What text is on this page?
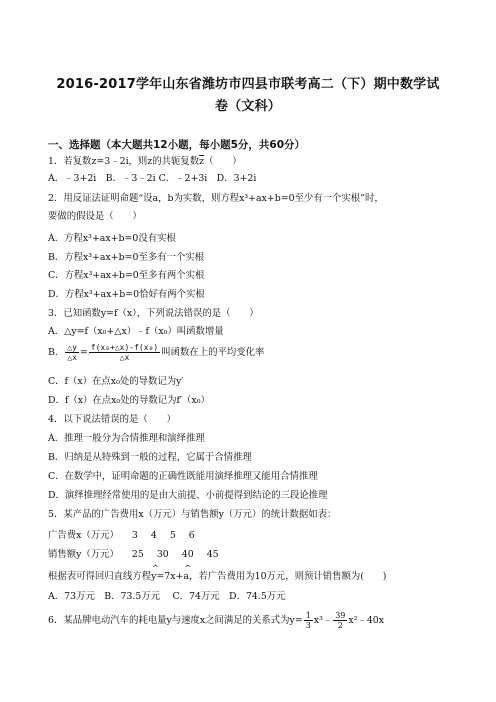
2016-2017学年山东省潍坊市四县市联考高二（下）期中数学试
卷（文科）
一、选择题（本大题共12小题，每小题5分，共60分）
1．若复数z=3﹣2i，则z的共轭复数$\overline{z}$（　　）
A．﹣3+2i　B．﹣3﹣2i C．﹣2+3i　D．3+2i
2．用反证法证明命题“设a，b为实数，则方程x³+ax+b=0至少有一个实根”时，
要做的假设是（　　）
A．方程x³+ax+b=0没有实根
B．方程x³+ax+b=0至多有一个实根
C．方程x³+ax+b=0至多有两个实根
D．方程x³+ax+b=0恰好有两个实根
3．已知函数y=f（x），下列说法错误的是（　　）
A．△y=f（x₀+△x）﹣f（x₀）叫函数增量
B． $\frac{\triangle y}{\triangle x} = \frac{\text{f(x₀+△x)-f(x₀)}}{\triangle x}$ 叫函数在上的平均变化率
C．f（x）在点x₀处的导数记为y′
D．f（x）在点x₀处的导数记为f′（x₀）
4．以下说法错误的是（　　）
A．推理一般分为合情推理和演绎推理
B．归纳是从特殊到一般的过程，它属于合情推理
C．在数学中，证明命题的正确性既能用演绎推理又能用合情推理
D．演绎推理经常使用的是由大前提、小前提得到结论的三段论推理
5．某产品的广告费用x（万元）与销售额y（万元）的统计数据如表：
广告费x（万元） 3 4 5 6
销售额y（万元） 25 30 40 45
根据表可得回归直线方程^ y=7x+^ a，若广告费用为10万元，则预计销售额为(　　)
A．73万元　B．73.5万元　 C．74万元　D．74.5万元
6．某品牌电动汽车的耗电量y与速度x之间满足的关系式为$y= \frac{1}{3}$ x³﹣ $\frac{39}{2}$ x²﹣40x
